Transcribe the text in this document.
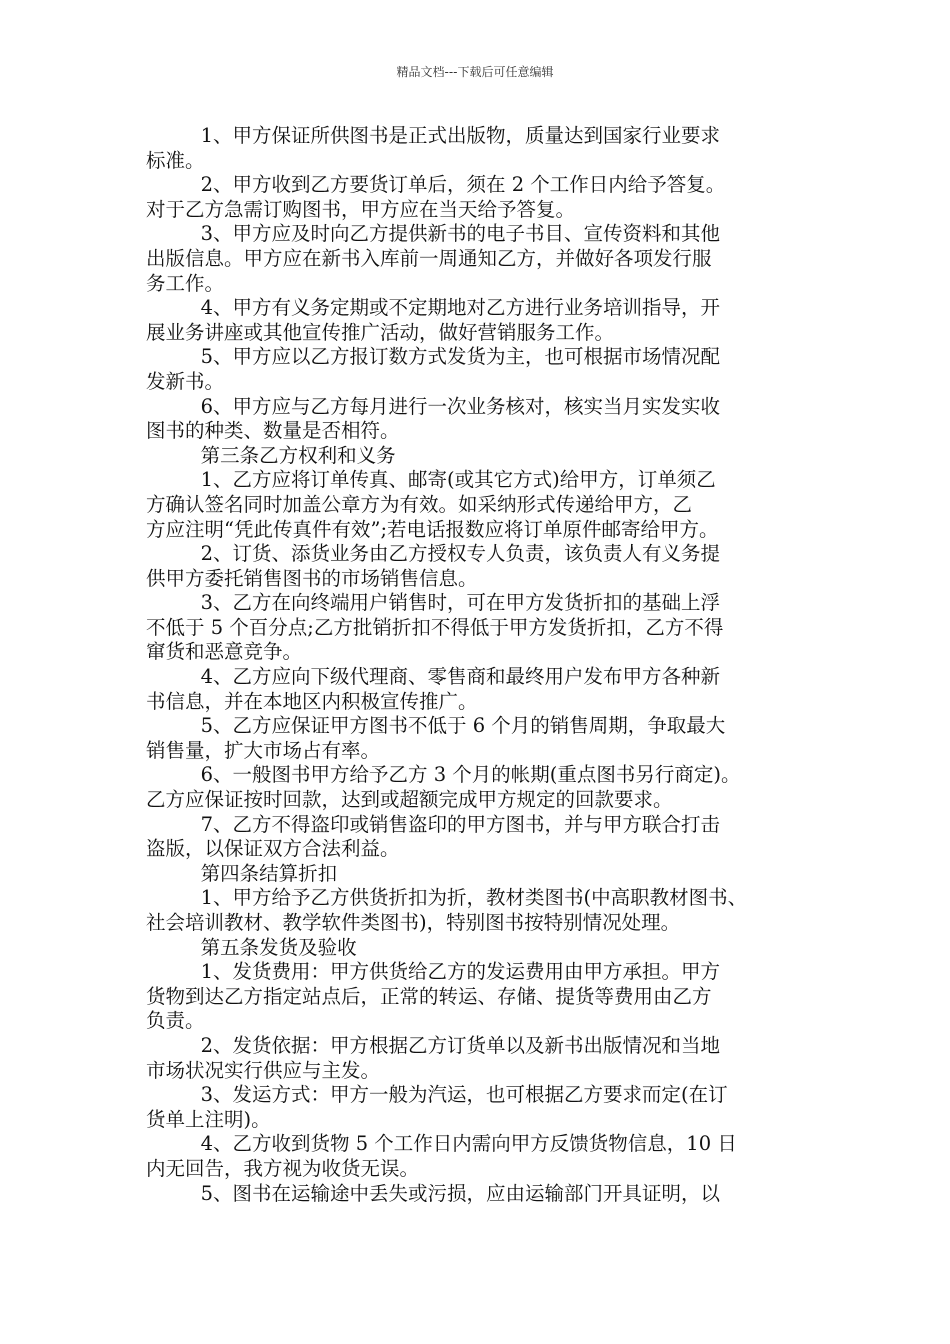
精品文档---下载后可任意编辑

1、甲方保证所供图书是正式出版物，质量达到国家行业要求

标准。

2、甲方收到乙方要货订单后，须在 2 个工作日内给予答复。

对于乙方急需订购图书，甲方应在当天给予答复。

3、甲方应及时向乙方提供新书的电子书目、宣传资料和其他

出版信息。甲方应在新书入库前一周通知乙方，并做好各项发行服

务工作。

4、甲方有义务定期或不定期地对乙方进行业务培训指导，开

展业务讲座或其他宣传推广活动，做好营销服务工作。

5、甲方应以乙方报订数方式发货为主，也可根据市场情况配

发新书。

6、甲方应与乙方每月进行一次业务核对，核实当月实发实收

图书的种类、数量是否相符。

第三条乙方权利和义务

1、乙方应将订单传真、邮寄(或其它方式)给甲方，订单须乙

方确认签名同时加盖公章方为有效。如采纳形式传递给甲方，乙

方应注明“凭此传真件有效”;若电话报数应将订单原件邮寄给甲方。

2、订货、添货业务由乙方授权专人负责，该负责人有义务提

供甲方委托销售图书的市场销售信息。

3、乙方在向终端用户销售时，可在甲方发货折扣的基础上浮

不低于 5 个百分点;乙方批销折扣不得低于甲方发货折扣，乙方不得

窜货和恶意竞争。

4、乙方应向下级代理商、零售商和最终用户发布甲方各种新

书信息，并在本地区内积极宣传推广。

5、乙方应保证甲方图书不低于 6 个月的销售周期，争取最大

销售量，扩大市场占有率。

6、一般图书甲方给予乙方 3 个月的帐期(重点图书另行商定)。

乙方应保证按时回款，达到或超额完成甲方规定的回款要求。

7、乙方不得盗印或销售盗印的甲方图书，并与甲方联合打击

盗版，以保证双方合法利益。

第四条结算折扣

1、甲方给予乙方供货折扣为折，教材类图书(中高职教材图书、

社会培训教材、教学软件类图书)，特别图书按特别情况处理。

第五条发货及验收

1、发货费用：甲方供货给乙方的发运费用由甲方承担。甲方

货物到达乙方指定站点后，正常的转运、存储、提货等费用由乙方

负责。

2、发货依据：甲方根据乙方订货单以及新书出版情况和当地

市场状况实行供应与主发。

3、发运方式：甲方一般为汽运，也可根据乙方要求而定(在订

货单上注明)。

4、乙方收到货物 5 个工作日内需向甲方反馈货物信息，10 日

内无回告，我方视为收货无误。

5、图书在运输途中丢失或污损，应由运输部门开具证明，以
